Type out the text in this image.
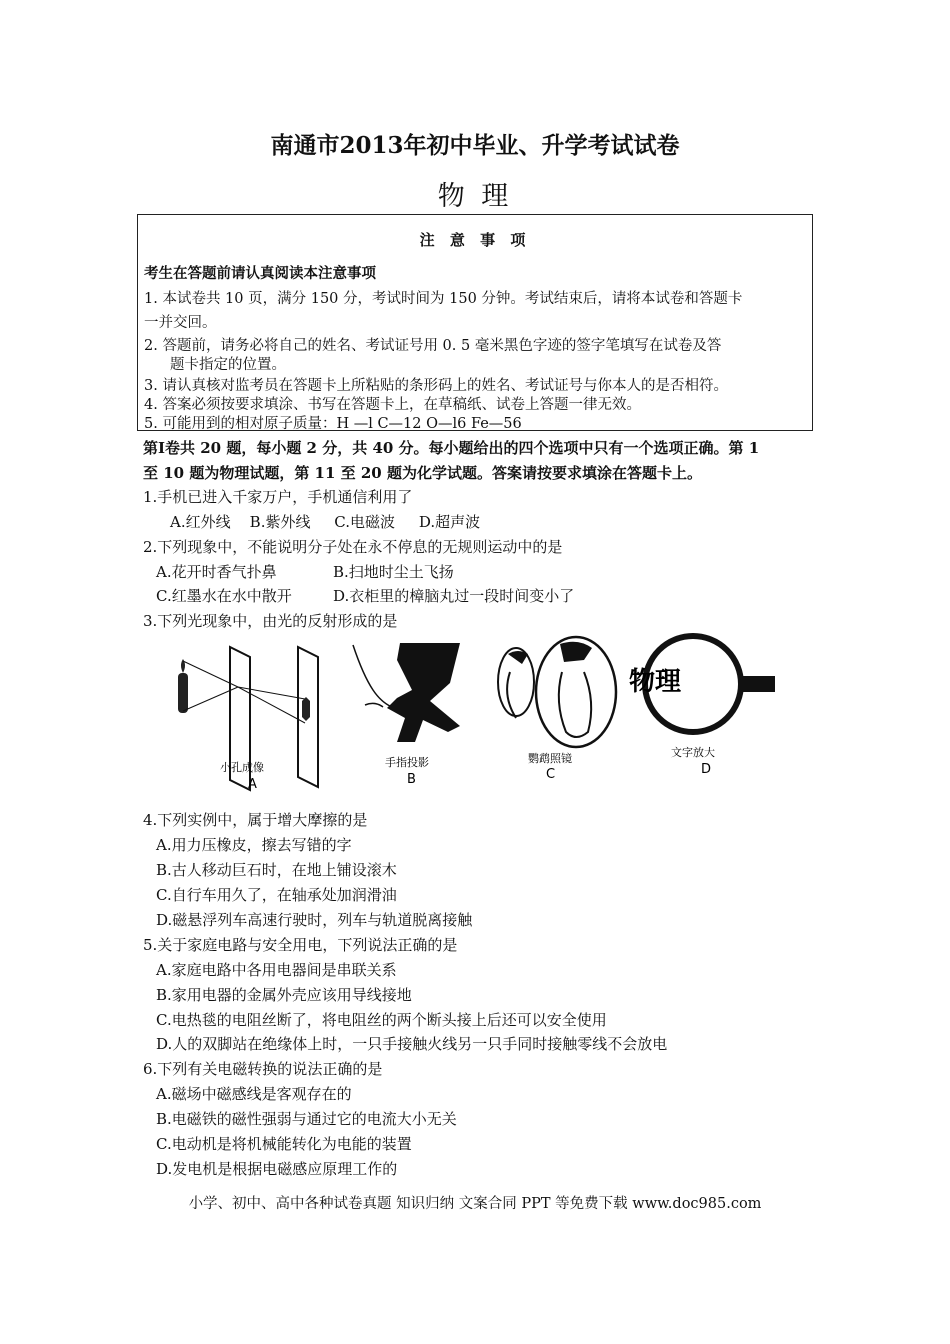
南通市2013年初中毕业、升学考试试卷
物 理
注 意 事 项
考生在答题前请认真阅读本注意事项
1. 本试卷共 10 页，满分 150 分，考试时间为 150 分钟。考试结束后，请将本试卷和答题卡
一并交回。
2. 答题前，请务必将自己的姓名、考试证号用 0. 5 毫米黑色字迹的签字笔填写在试卷及答
题卡指定的位置。
3. 请认真核对监考员在答题卡上所粘贴的条形码上的姓名、考试证号与你本人的是否相符。
4. 答案必须按要求填涂、书写在答题卡上，在草稿纸、试卷上答题一律无效。
5. 可能用到的相对原子质量：H —l C—12 O—l6 Fe—56
第Ⅰ卷共 20 题，每小题 2 分，共 40 分。每小题给出的四个选项中只有一个选项正确。第 1
至 10 题为物理试题，第 11 至 20 题为化学试题。答案请按要求填涂在答题卡上。
1.手机已进入千家万户，手机通信利用了
A.红外线    B.紫外线     C.电磁波     D.超声波
2.下列现象中，不能说明分子处在永不停息的无规则运动中的是
A.花开时香气扑鼻	B.扫地时尘土飞扬
C.红墨水在水中散开	D.衣柜里的樟脑丸过一段时间变小了
3.下列光现象中，由光的反射形成的是
小孔成像
A
手指投影
B
鹦鹉照镜
C
物理
文字放大
D
4.下列实例中，属于增大摩擦的是
A.用力压橡皮，擦去写错的字
B.古人移动巨石时，在地上铺设滚木
C.自行车用久了，在轴承处加润滑油
D.磁悬浮列车高速行驶时，列车与轨道脱离接触
5.关于家庭电路与安全用电，下列说法正确的是
A.家庭电路中各用电器间是串联关系
B.家用电器的金属外壳应该用导线接地
C.电热毯的电阻丝断了，将电阻丝的两个断头接上后还可以安全使用
D.人的双脚站在绝缘体上时，一只手接触火线另一只手同时接触零线不会放电
6.下列有关电磁转换的说法正确的是
A.磁场中磁感线是客观存在的
B.电磁铁的磁性强弱与通过它的电流大小无关
C.电动机是将机械能转化为电能的装置
D.发电机是根据电磁感应原理工作的
小学、初中、高中各种试卷真题 知识归纳 文案合同 PPT 等免费下载 www.doc985.com
